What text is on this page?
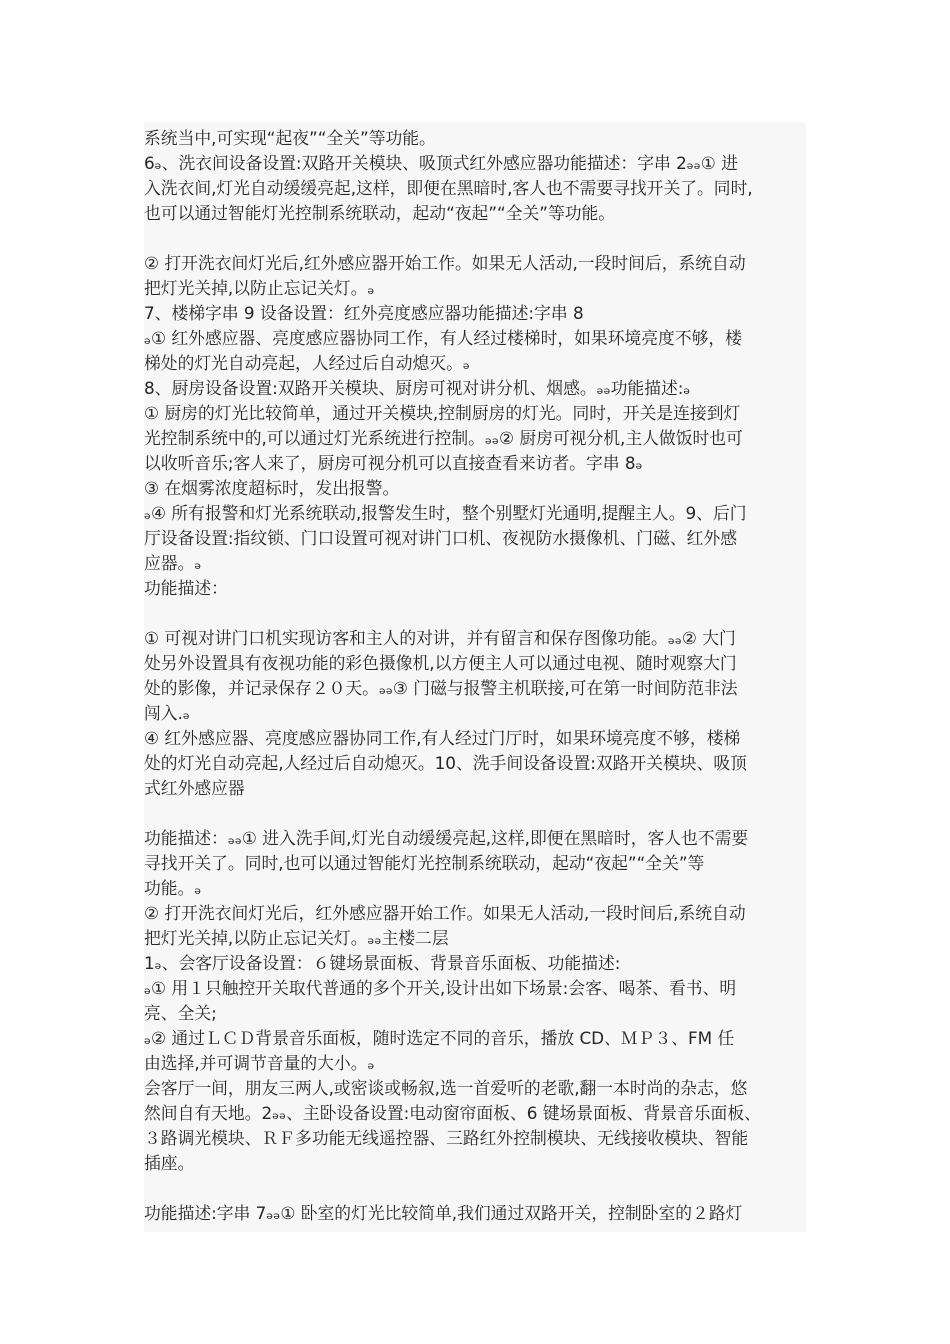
系统当中,可实现“起夜”“全关”等功能。
6ₔ、洗衣间设备设置:双路开关模块、吸顶式红外感应器功能描述：字串 2ₔₔ① 进
入洗衣间,灯光自动缓缓亮起,这样，即便在黑暗时,客人也不需要寻找开关了。同时,
也可以通过智能灯光控制系统联动，起动“夜起”“全关”等功能。
② 打开洗衣间灯光后,红外感应器开始工作。如果无人活动,一段时间后，系统自动
把灯光关掉,以防止忘记关灯。ₔ
7、楼梯字串 9 设备设置：红外亮度感应器功能描述:字串 8
ₔ① 红外感应器、亮度感应器协同工作，有人经过楼梯时，如果环境亮度不够，楼
梯处的灯光自动亮起，人经过后自动熄灭。ₔ
8、厨房设备设置:双路开关模块、厨房可视对讲分机、烟感。ₔₔ功能描述:ₔ
① 厨房的灯光比较简单，通过开关模块,控制厨房的灯光。同时，开关是连接到灯
光控制系统中的,可以通过灯光系统进行控制。ₔₔ② 厨房可视分机,主人做饭时也可
以收听音乐;客人来了，厨房可视分机可以直接查看来访者。字串 8ₔ
③ 在烟雾浓度超标时，发出报警。
ₔ④ 所有报警和灯光系统联动,报警发生时，整个别墅灯光通明,提醒主人。9、后门
厅设备设置:指纹锁、门口设置可视对讲门口机、夜视防水摄像机、门磁、红外感
应器。ₔ
功能描述：
① 可视对讲门口机实现访客和主人的对讲，并有留言和保存图像功能。ₔₔ② 大门
处另外设置具有夜视功能的彩色摄像机,以方便主人可以通过电视、随时观察大门
处的影像，并记录保存２０天。ₔₔ③ 门磁与报警主机联接,可在第一时间防范非法
闯入.ₔ
④ 红外感应器、亮度感应器协同工作,有人经过门厅时，如果环境亮度不够，楼梯
处的灯光自动亮起,人经过后自动熄灭。10、洗手间设备设置:双路开关模块、吸顶
式红外感应器
功能描述：ₔₔ① 进入洗手间,灯光自动缓缓亮起,这样,即便在黑暗时，客人也不需要
寻找开关了。同时,也可以通过智能灯光控制系统联动，起动“夜起”“全关”等
功能。ₔ
② 打开洗衣间灯光后，红外感应器开始工作。如果无人活动,一段时间后,系统自动
把灯光关掉,以防止忘记关灯。ₔₔ主楼二层
1ₔ、会客厅设备设置：６键场景面板、背景音乐面板、功能描述:
ₔ① 用１只触控开关取代普通的多个开关,设计出如下场景:会客、喝茶、看书、明
亮、全关;
ₔ② 通过ＬＣＤ背景音乐面板，随时选定不同的音乐，播放 CD、ＭＰ３、FM 任
由选择,并可调节音量的大小。ₔ
会客厅一间，朋友三两人,或密谈或畅叙,选一首爱听的老歌,翻一本时尚的杂志，悠
然间自有天地。2ₔₔ、主卧设备设置:电动窗帘面板、6 键场景面板、背景音乐面板、
３路调光模块、ＲＦ多功能无线遥控器、三路红外控制模块、无线接收模块、智能
插座。
功能描述:字串 7ₔₔ① 卧室的灯光比较简单,我们通过双路开关，控制卧室的２路灯
